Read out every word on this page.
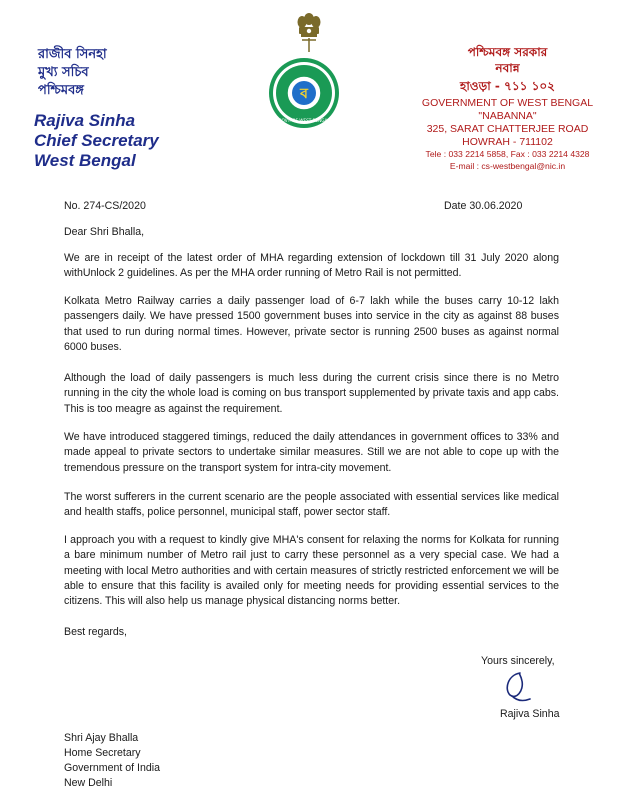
ব
GOVT. OF WEST BENGAL
রাজীব সিনহা
মুখ্য সচিব
পশ্চিমবঙ্গ
Rajiva Sinha
Chief Secretary
West Bengal
পশ্চিমবঙ্গ সরকার
নবান্ন
হাওড়া - ৭১১ ১০২
GOVERNMENT OF WEST BENGAL
"NABANNA"
325, SARAT CHATTERJEE ROAD
HOWRAH - 711102
Tele : 033 2214 5858, Fax : 033 2214 4328
E-mail : cs-westbengal@nic.in
No. 274-CS/2020	Date 30.06.2020
Dear Shri Bhalla,
We are in receipt of the latest order of MHA regarding extension of lockdown till 31 July 2020 along withUnlock 2 guidelines. As per the MHA order running of Metro Rail is not permitted.
Kolkata Metro Railway carries a daily passenger load of 6-7 lakh while the buses carry 10-12 lakh passengers daily. We have pressed 1500 government buses into service in the city as against 88 buses that used to run during normal times. However, private sector is running 2500 buses as against normal 6000 buses.
Although the load of daily passengers is much less during the current crisis since there is no Metro running in the city the whole load is coming on bus transport supplemented by private taxis and app cabs. This is too meagre as against the requirement.
We have introduced staggered timings, reduced the daily attendances in government offices to 33% and made appeal to private sectors to undertake similar measures. Still we are not able to cope up with the tremendous pressure on the transport system for intra-city movement.
The worst sufferers in the current scenario are the people associated with essential services like medical and health staffs, police personnel, municipal staff, power sector staff.
I approach you with a request to kindly give MHA's consent for relaxing the norms for Kolkata for running a bare minimum number of Metro rail just to carry these personnel as a very special case. We had a meeting with local Metro authorities and with certain measures of strictly restricted enforcement we will be able to ensure that this facility is availed only for meeting needs for providing essential services to the citizens. This will also help us manage physical distancing norms better.
Best regards,
Yours sincerely,
Rajiva Sinha
Shri Ajay Bhalla
Home Secretary
Government of India
New Delhi
